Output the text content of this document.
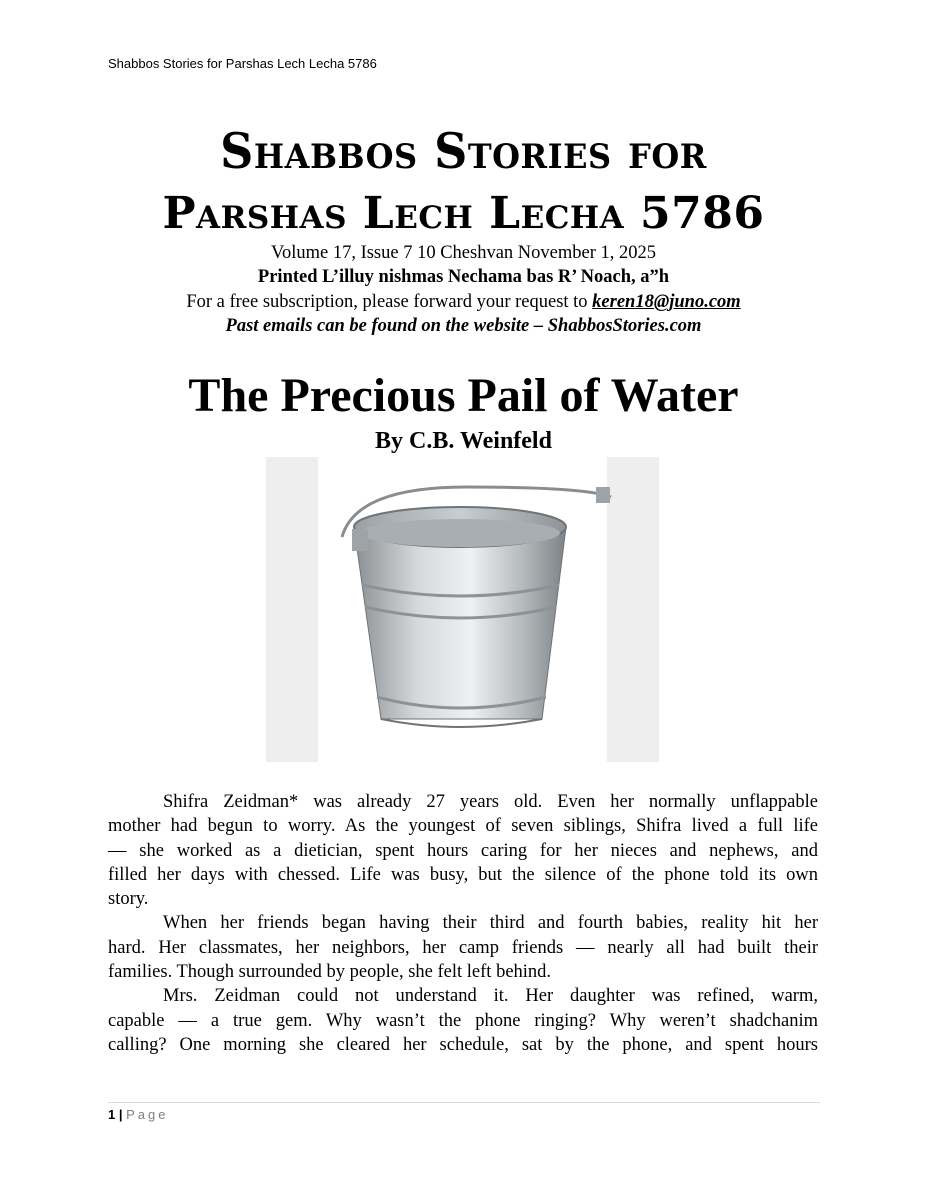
Shabbos Stories for Parshas Lech Lecha 5786
Shabbos Stories for
Parshas Lech Lecha 5786
Volume 17, Issue 7 10 Cheshvan November 1, 2025
Printed L’illuy nishmas Nechama bas R’ Noach, a”h
For a free subscription, please forward your request to keren18@juno.com
Past emails can be found on the website – ShabbosStories.com
The Precious Pail of Water
By C.B. Weinfeld
Shifra Zeidman* was already 27 years old. Even her normally unflappable
mother had begun to worry. As the youngest of seven siblings, Shifra lived a full life
— she worked as a dietician, spent hours caring for her nieces and nephews, and
filled her days with chessed. Life was busy, but the silence of the phone told its own
story.
When her friends began having their third and fourth babies, reality hit her
hard. Her classmates, her neighbors, her camp friends — nearly all had built their
families. Though surrounded by people, she felt left behind.
Mrs. Zeidman could not understand it. Her daughter was refined, warm,
capable — a true gem. Why wasn’t the phone ringing? Why weren’t shadchanim
calling? One morning she cleared her schedule, sat by the phone, and spent hours
1 | Page
